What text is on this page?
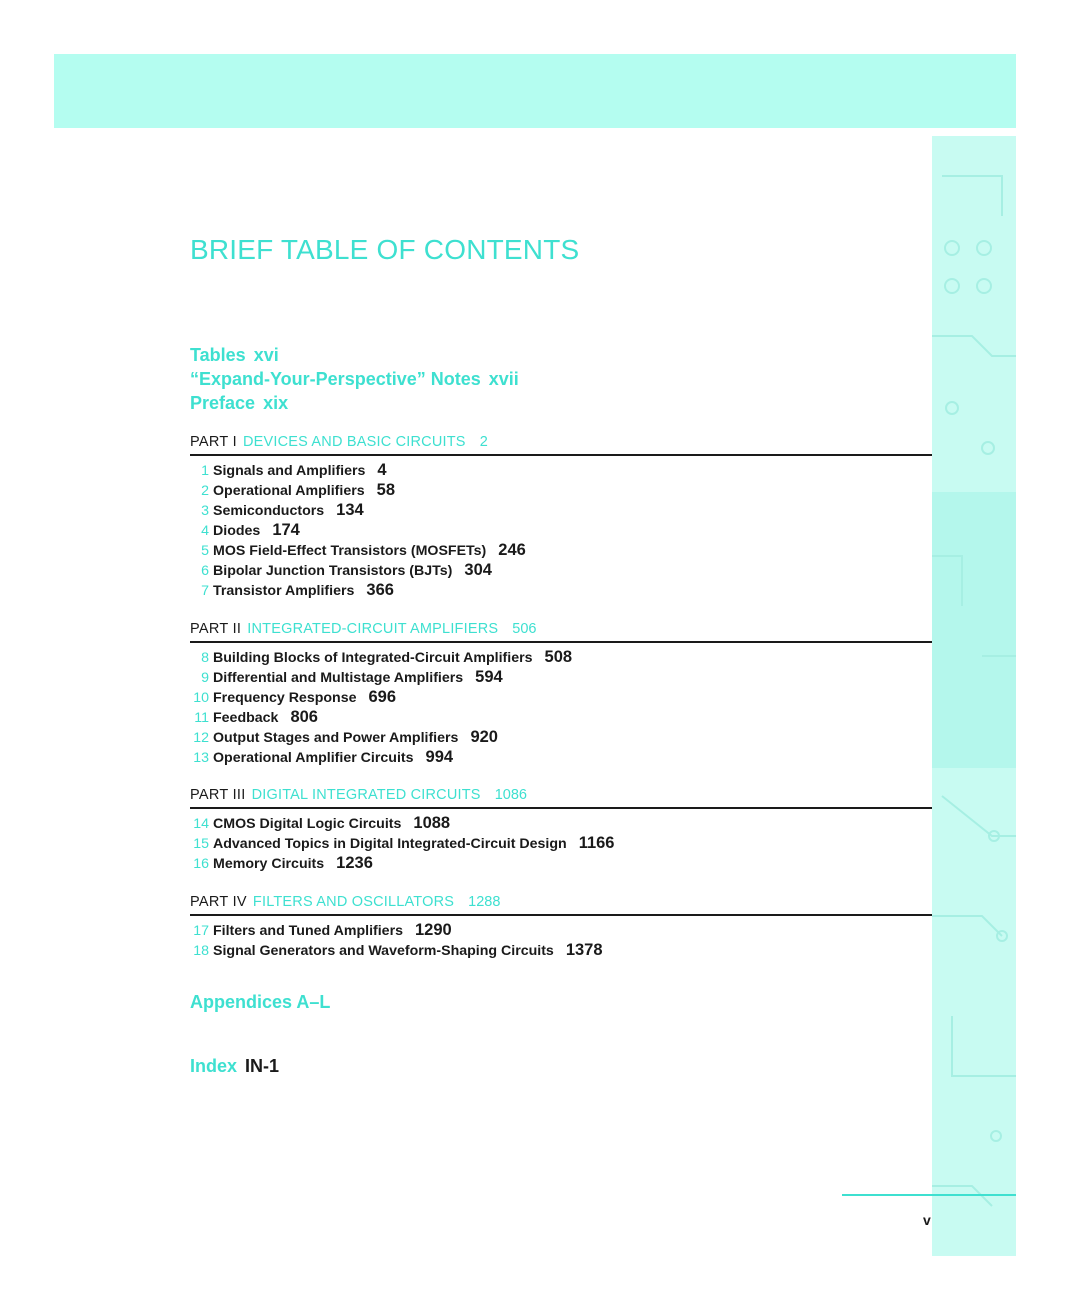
BRIEF TABLE OF CONTENTS
Tables xvi
“Expand-Your-Perspective” Notes xvii
Preface xix
PART I DEVICES AND BASIC CIRCUITS 2
1 Signals and Amplifiers 4
2 Operational Amplifiers 58
3 Semiconductors 134
4 Diodes 174
5 MOS Field-Effect Transistors (MOSFETs) 246
6 Bipolar Junction Transistors (BJTs) 304
7 Transistor Amplifiers 366
PART II INTEGRATED-CIRCUIT AMPLIFIERS 506
8 Building Blocks of Integrated-Circuit Amplifiers 508
9 Differential and Multistage Amplifiers 594
10 Frequency Response 696
11 Feedback 806
12 Output Stages and Power Amplifiers 920
13 Operational Amplifier Circuits 994
PART III DIGITAL INTEGRATED CIRCUITS 1086
14 CMOS Digital Logic Circuits 1088
15 Advanced Topics in Digital Integrated-Circuit Design 1166
16 Memory Circuits 1236
PART IV FILTERS AND OSCILLATORS 1288
17 Filters and Tuned Amplifiers 1290
18 Signal Generators and Waveform-Shaping Circuits 1378
Appendices A–L
Index IN-1
v
